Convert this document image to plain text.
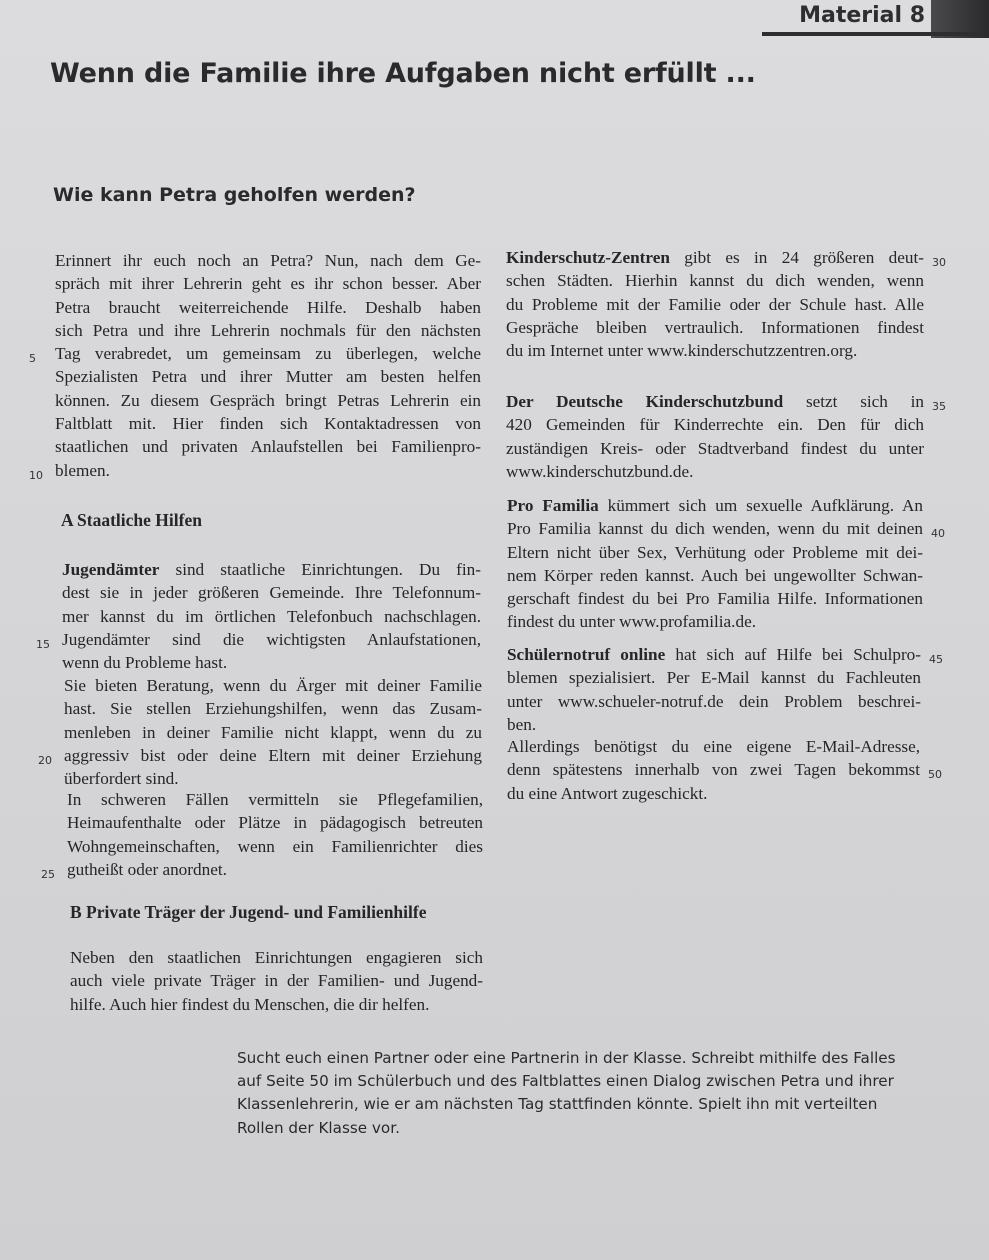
Material 8
Wenn die Familie ihre Aufgaben nicht erfüllt ...
Wie kann Petra geholfen werden?
Erinnert ihr euch noch an Petra? Nun, nach dem Ge-
spräch mit ihrer Lehrerin geht es ihr schon besser. Aber
Petra braucht weiterreichende Hilfe. Deshalb haben
sich Petra und ihre Lehrerin nochmals für den nächsten
Tag verabredet, um gemeinsam zu überlegen, welche
5
Spezialisten Petra und ihrer Mutter am besten helfen
können. Zu diesem Gespräch bringt Petras Lehrerin ein
Faltblatt mit. Hier finden sich Kontaktadressen von
staatlichen und privaten Anlaufstellen bei Familienpro-
blemen.
10
A Staatliche Hilfen
Jugendämter sind staatliche Einrichtungen. Du fin-
dest sie in jeder größeren Gemeinde. Ihre Telefonnum-
mer kannst du im örtlichen Telefonbuch nachschlagen.
Jugendämter sind die wichtigsten Anlaufstationen,
15
wenn du Probleme hast.
Sie bieten Beratung, wenn du Ärger mit deiner Familie
hast. Sie stellen Erziehungshilfen, wenn das Zusam-
menleben in deiner Familie nicht klappt, wenn du zu
aggressiv bist oder deine Eltern mit deiner Erziehung
20
überfordert sind.
In schweren Fällen vermitteln sie Pflegefamilien,
Heimaufenthalte oder Plätze in pädagogisch betreuten
Wohngemeinschaften, wenn ein Familienrichter dies
gutheißt oder anordnet.
25
B Private Träger der Jugend- und Familienhilfe
Neben den staatlichen Einrichtungen engagieren sich
auch viele private Träger in der Familien- und Jugend-
hilfe. Auch hier findest du Menschen, die dir helfen.
Kinderschutz-Zentren gibt es in 24 größeren deut- 30
schen Städten. Hierhin kannst du dich wenden, wenn
du Probleme mit der Familie oder der Schule hast. Alle
Gespräche bleiben vertraulich. Informationen findest
du im Internet unter www.kinderschutzzentren.org.
Der Deutsche Kinderschutzbund setzt sich in 35
420 Gemeinden für Kinderrechte ein. Den für dich
zuständigen Kreis- oder Stadtverband findest du unter
www.kinderschutzbund.de.
Pro Familia kümmert sich um sexuelle Aufklärung. An
Pro Familia kannst du dich wenden, wenn du mit deinen 40
Eltern nicht über Sex, Verhütung oder Probleme mit dei-
nem Körper reden kannst. Auch bei ungewollter Schwan-
gerschaft findest du bei Pro Familia Hilfe. Informationen
findest du unter www.profamilia.de.
Schülernotruf online hat sich auf Hilfe bei Schulpro- 45
blemen spezialisiert. Per E-Mail kannst du Fachleuten
unter www.schueler-notruf.de dein Problem beschrei-
ben.
Allerdings benötigst du eine eigene E-Mail-Adresse,
denn spätestens innerhalb von zwei Tagen bekommst 50
du eine Antwort zugeschickt.
Sucht euch einen Partner oder eine Partnerin in der Klasse. Schreibt mithilfe des Falles auf Seite 50 im Schülerbuch und des Faltblattes einen Dialog zwischen Petra und ihrer Klassenlehrerin, wie er am nächsten Tag stattfinden könnte. Spielt ihn mit verteilten Rollen der Klasse vor.
